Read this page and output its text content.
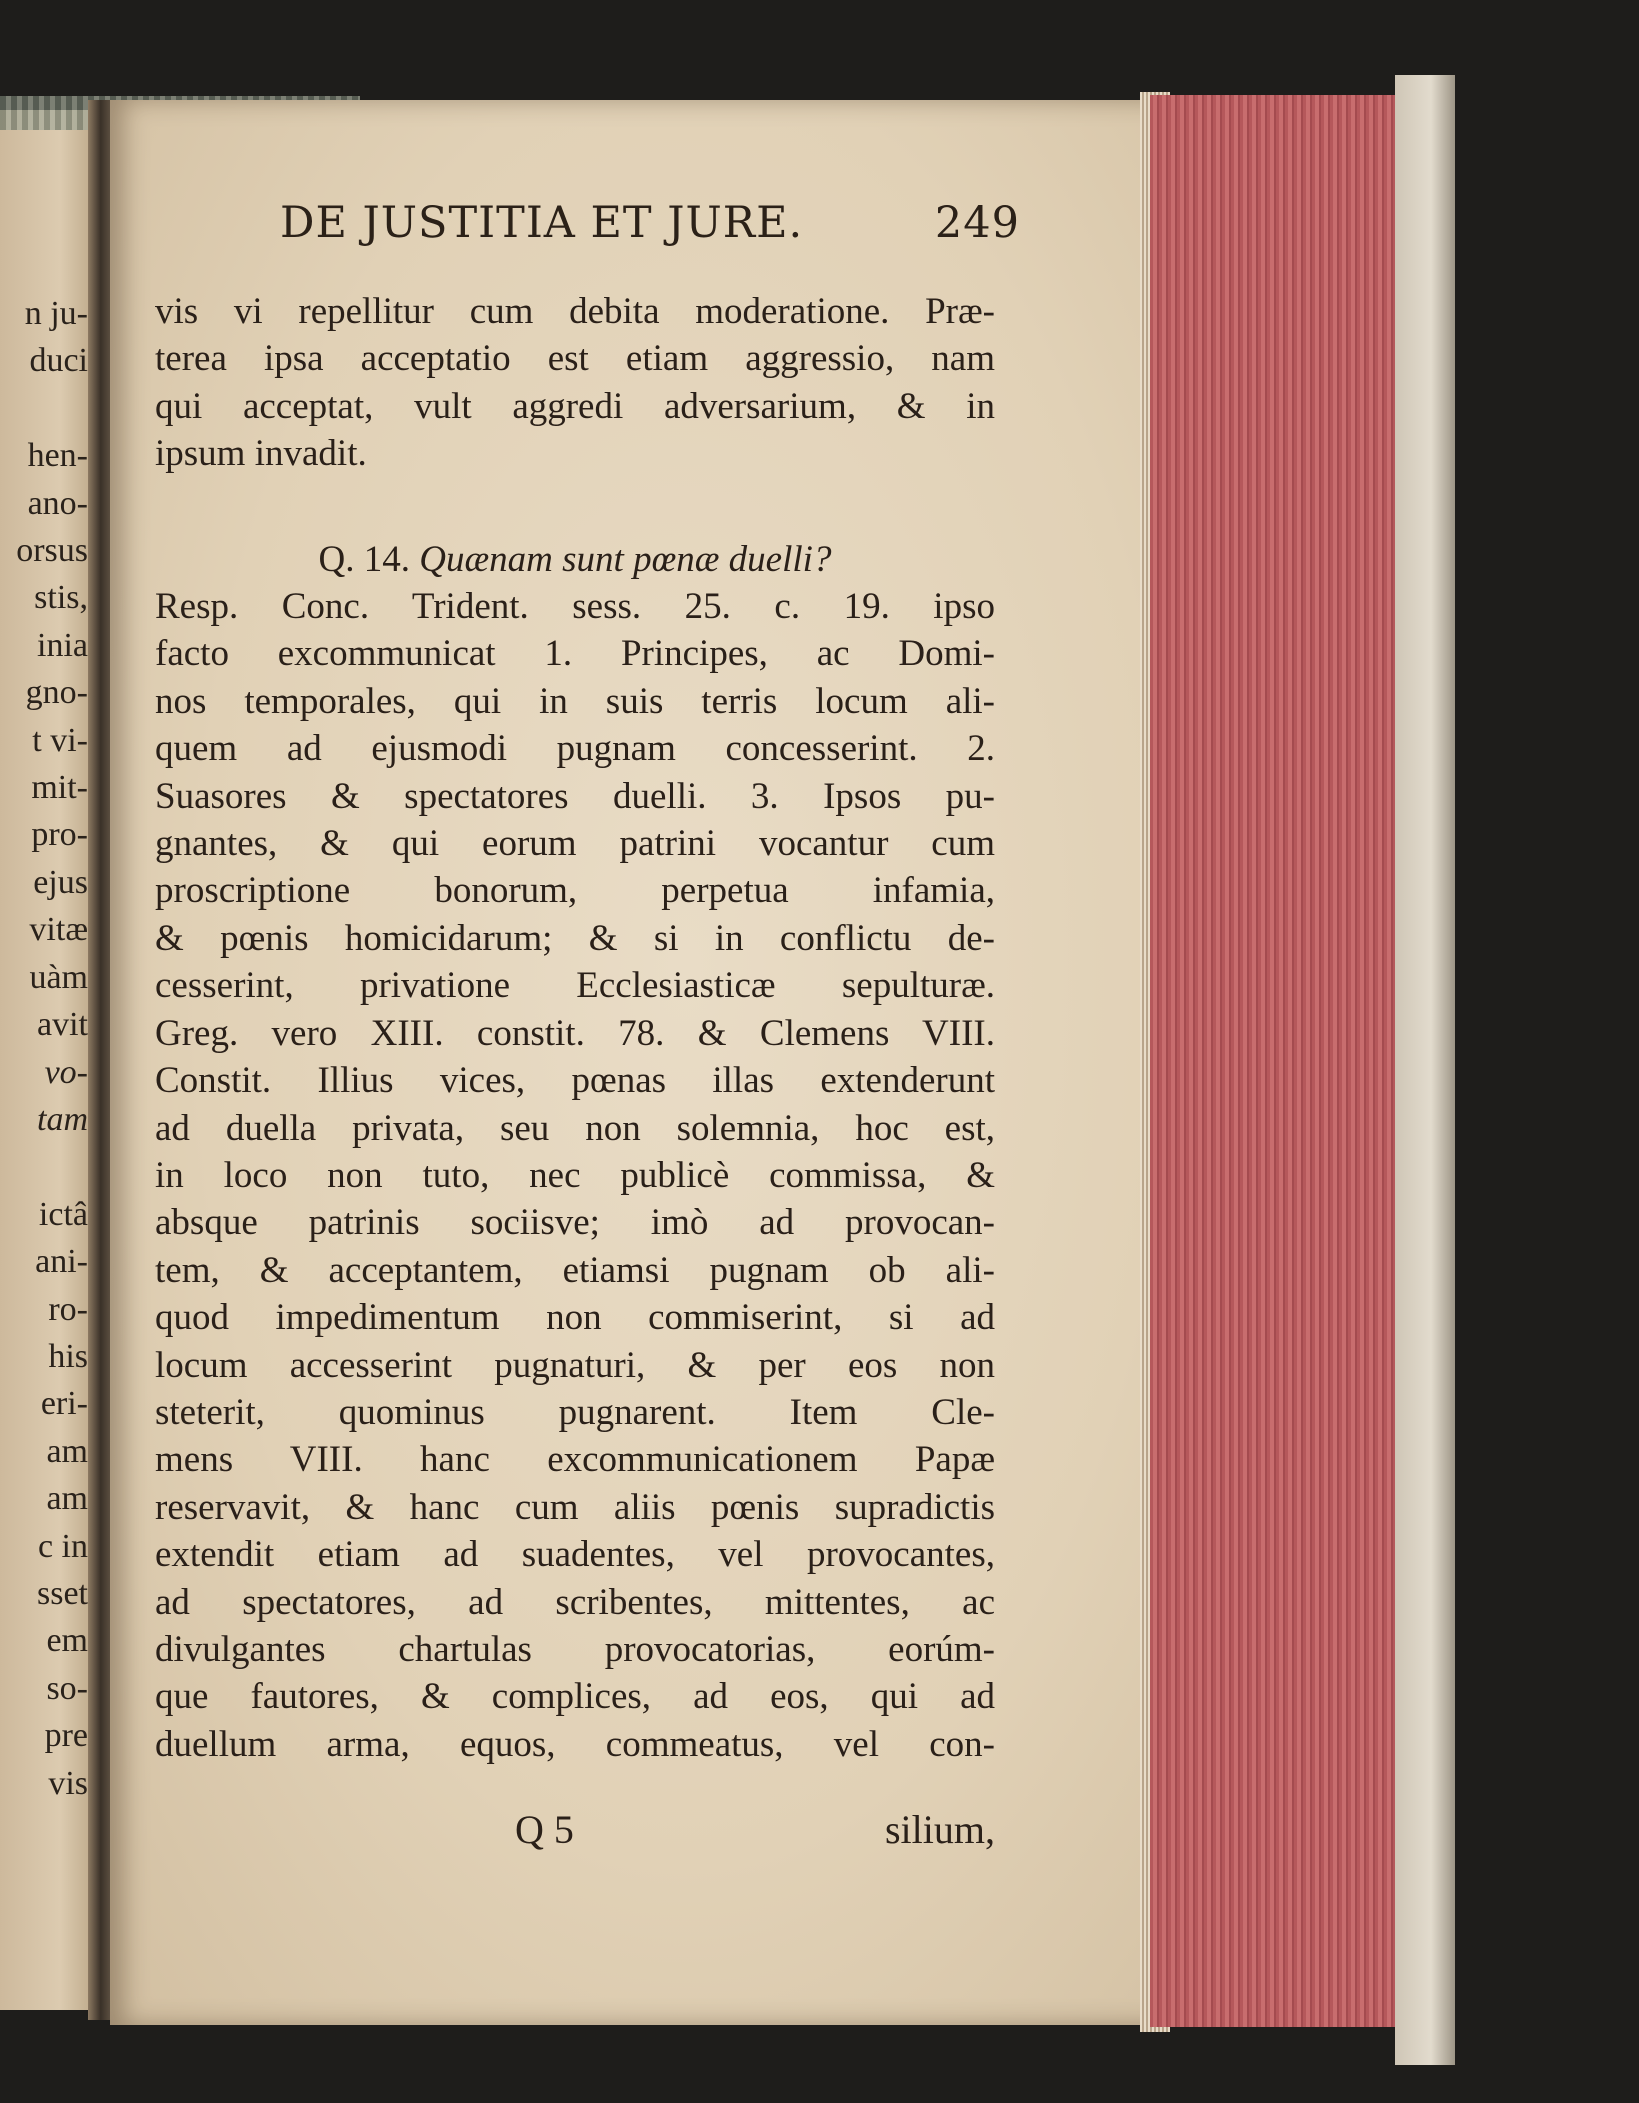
n ju-
duci

hen-
ano-
orsus
stis,
inia
gno-
t vi-
mit-
pro-
ejus
vitæ
uàm
avit
vo-
tam

ictâ
ani-
ro-
his
eri-
am
am
c in
sset
em
so-
pre
vis
DE JUSTITIA ET JURE.	249
vis vi repellitur cum debita moderatione. Præ-
terea ipsa acceptatio est etiam aggressio, nam
qui acceptat, vult aggredi adversarium, & in
ipsum invadit.
Q. 14. Quænam sunt pœnæ duelli?
Resp. Conc. Trident. sess. 25. c. 19. ipso
facto excommunicat 1. Principes, ac Domi-
nos temporales, qui in suis terris locum ali-
quem ad ejusmodi pugnam concesserint. 2.
Suasores & spectatores duelli. 3. Ipsos pu-
gnantes, & qui eorum patrini vocantur cum
proscriptione bonorum, perpetua infamia,
& pœnis homicidarum; & si in conflictu de-
cesserint, privatione Ecclesiasticæ sepulturæ.
Greg. vero XIII. constit. 78. & Clemens VIII.
Constit. Illius vices, pœnas illas extenderunt
ad duella privata, seu non solemnia, hoc est,
in loco non tuto, nec publicè commissa, &
absque patrinis sociisve; imò ad provocan-
tem, & acceptantem, etiamsi pugnam ob ali-
quod impedimentum non commiserint, si ad
locum accesserint pugnaturi, & per eos non
steterit, quominus pugnarent. Item Cle-
mens VIII. hanc excommunicationem Papæ
reservavit, & hanc cum aliis pœnis supradictis
extendit etiam ad suadentes, vel provocantes,
ad spectatores, ad scribentes, mittentes, ac
divulgantes chartulas provocatorias, eorúm-
que fautores, & complices, ad eos, qui ad
duellum arma, equos, commeatus, vel con-
Q 5	silium,
